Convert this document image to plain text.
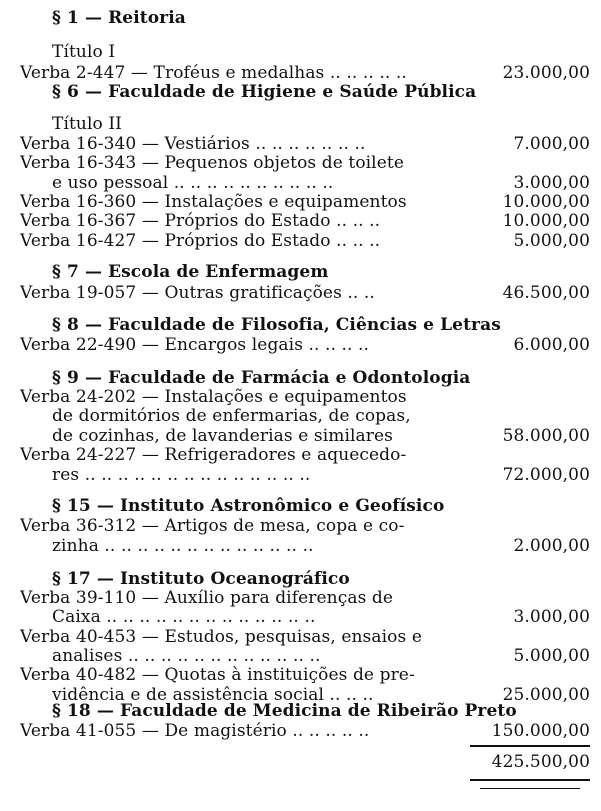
§ 1 — Reitoria
Título I
Verba 2-447 — Troféus e medalhas .. .. .. .. ..	23.000,00
§ 6 — Faculdade de Higiene e Saúde Pública
Título II
Verba 16-340 — Vestiários .. .. .. .. .. .. ..	7.000,00
Verba 16-343 — Pequenos objetos de toilete
e uso pessoal .. .. .. .. .. .. .. .. .. ..	3.000,00
Verba 16-360 — Instalações e equipamentos	10.000,00
Verba 16-367 — Próprios do Estado .. .. ..	10.000,00
Verba 16-427 — Próprios do Estado .. .. ..	5.000,00
§ 7 — Escola de Enfermagem
Verba 19-057 — Outras gratificações .. ..	46.500,00
§ 8 — Faculdade de Filosofia, Ciências e Letras
Verba 22-490 — Encargos legais .. .. .. ..	6.000,00
§ 9 — Faculdade de Farmácia e Odontologia
Verba 24-202 — Instalações e equipamentos
de dormitórios de enfermarias, de copas,
de cozinhas, de lavanderias e similares	58.000,00
Verba 24-227 — Refrigeradores e aquecedo-
res .. .. .. .. .. .. .. .. .. .. .. .. .. ..	72.000,00
§ 15 — Instituto Astronômico e Geofísico
Verba 36-312 — Artigos de mesa, copa e co-
zinha .. .. .. .. .. .. .. .. .. .. .. .. ..	2.000,00
§ 17 — Instituto Oceanográfico
Verba 39-110 — Auxílio para diferenças de
Caixa .. .. .. .. .. .. .. .. .. .. .. .. ..	3.000,00
Verba 40-453 — Estudos, pesquisas, ensaios e
analises .. .. .. .. .. .. .. .. .. .. .. ..	5.000,00
Verba 40-482 — Quotas à instituições de pre-
vidência e de assistência social .. .. ..	25.000,00
§ 18 — Faculdade de Medicina de Ribeirão Preto
Verba 41-055 — De magistério .. .. .. .. ..	150.000,00
425.500,00
